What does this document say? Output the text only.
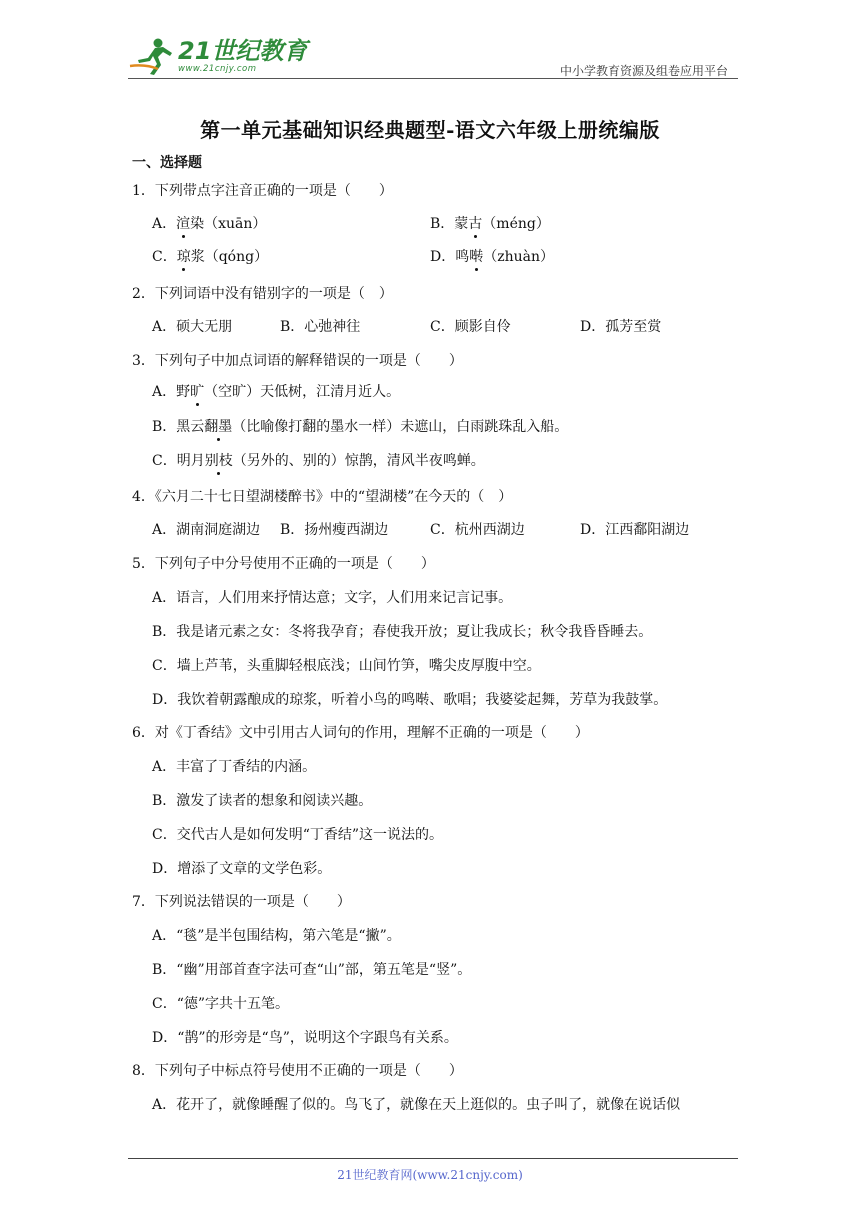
21世纪教育
www.21cnjy.com	中小学教育资源及组卷应用平台
第一单元基础知识经典题型-语文六年级上册统编版
一、选择题
1．下列带点字注音正确的一项是（　　）
A．渲染（xuān）	B．蒙古（méng）
C．琼浆（qóng）	D．鸣啭（zhuàn）
2．下列词语中没有错别字的一项是（　）
A．硕大无朋	B．心弛神往	C．顾影自伶	D．孤芳至赏
3．下列句子中加点词语的解释错误的一项是（　　）
A．野旷（空旷）天低树，江清月近人。
B．黑云翻墨（比喻像打翻的墨水一样）未遮山，白雨跳珠乱入船。
C．明月别枝（另外的、别的）惊鹊，清风半夜鸣蝉。
4．《六月二十七日望湖楼醉书》中的“望湖楼”在今天的（　）
A．湖南洞庭湖边 B．扬州瘦西湖边	C．杭州西湖边	D．江西鄱阳湖边
5．下列句子中分号使用不正确的一项是（　　）
A．语言，人们用来抒情达意；文字，人们用来记言记事。
B．我是诸元素之女：冬将我孕育；春使我开放；夏让我成长；秋令我昏昏睡去。
C．墙上芦苇，头重脚轻根底浅；山间竹笋，嘴尖皮厚腹中空。
D．我饮着朝露酿成的琼浆，听着小鸟的鸣啭、歌唱；我婆娑起舞，芳草为我鼓掌。
6．对《丁香结》文中引用古人词句的作用，理解不正确的一项是（　　）
A．丰富了丁香结的内涵。
B．激发了读者的想象和阅读兴趣。
C．交代古人是如何发明“丁香结”这一说法的。
D．增添了文章的文学色彩。
7．下列说法错误的一项是（　　）
A．“毯”是半包围结构，第六笔是“撇”。
B．“幽”用部首查字法可查“山”部，第五笔是“竖”。
C．“德”字共十五笔。
D．“鹊”的形旁是“鸟”，说明这个字跟鸟有关系。
8．下列句子中标点符号使用不正确的一项是（　　）
A．花开了，就像睡醒了似的。鸟飞了，就像在天上逛似的。虫子叫了，就像在说话似
21世纪教育网(www.21cnjy.com)
